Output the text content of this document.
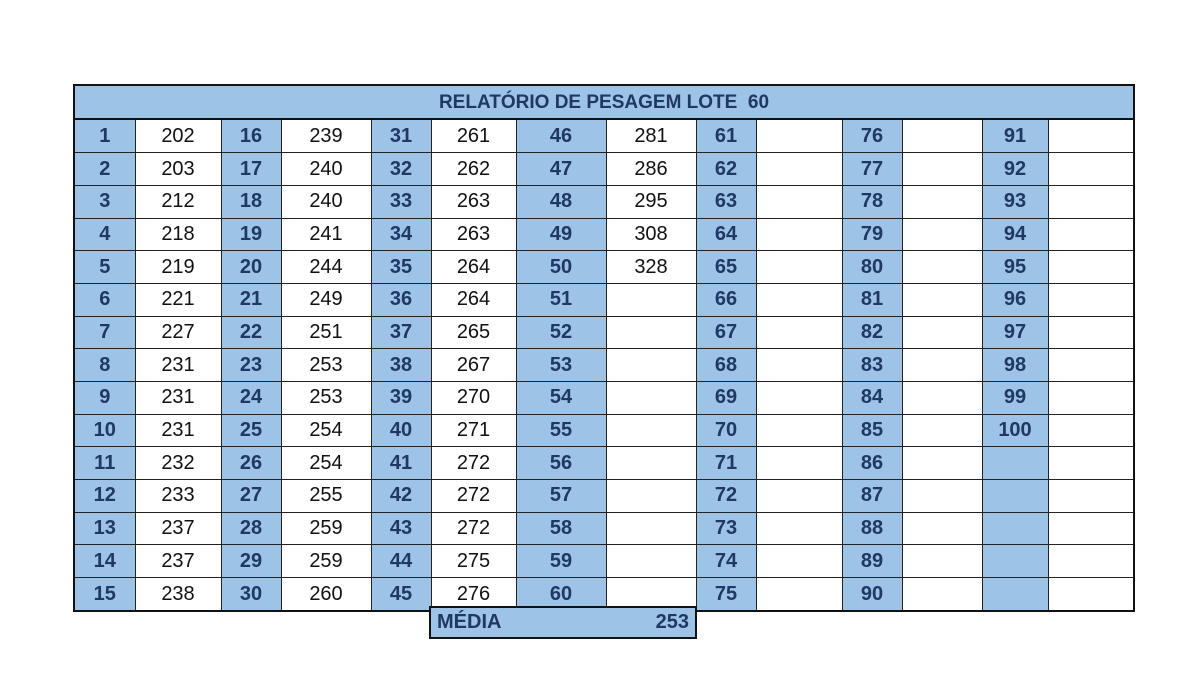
RELATÓRIO DE PESAGEM LOTE  60
1	202	16	239	31	261	46	281	61		76		91	
2	203	17	240	32	262	47	286	62		77		92	
3	212	18	240	33	263	48	295	63		78		93	
4	218	19	241	34	263	49	308	64		79		94	
5	219	20	244	35	264	50	328	65		80		95	
6	221	21	249	36	264	51		66		81		96	
7	227	22	251	37	265	52		67		82		97	
8	231	23	253	38	267	53		68		83		98	
9	231	24	253	39	270	54		69		84		99	
10	231	25	254	40	271	55		70		85		100	
11	232	26	254	41	272	56		71		86			
12	233	27	255	42	272	57		72		87			
13	237	28	259	43	272	58		73		88			
14	237	29	259	44	275	59		74		89			
15	238	30	260	45	276	60		75		90			
MÉDIA	253
